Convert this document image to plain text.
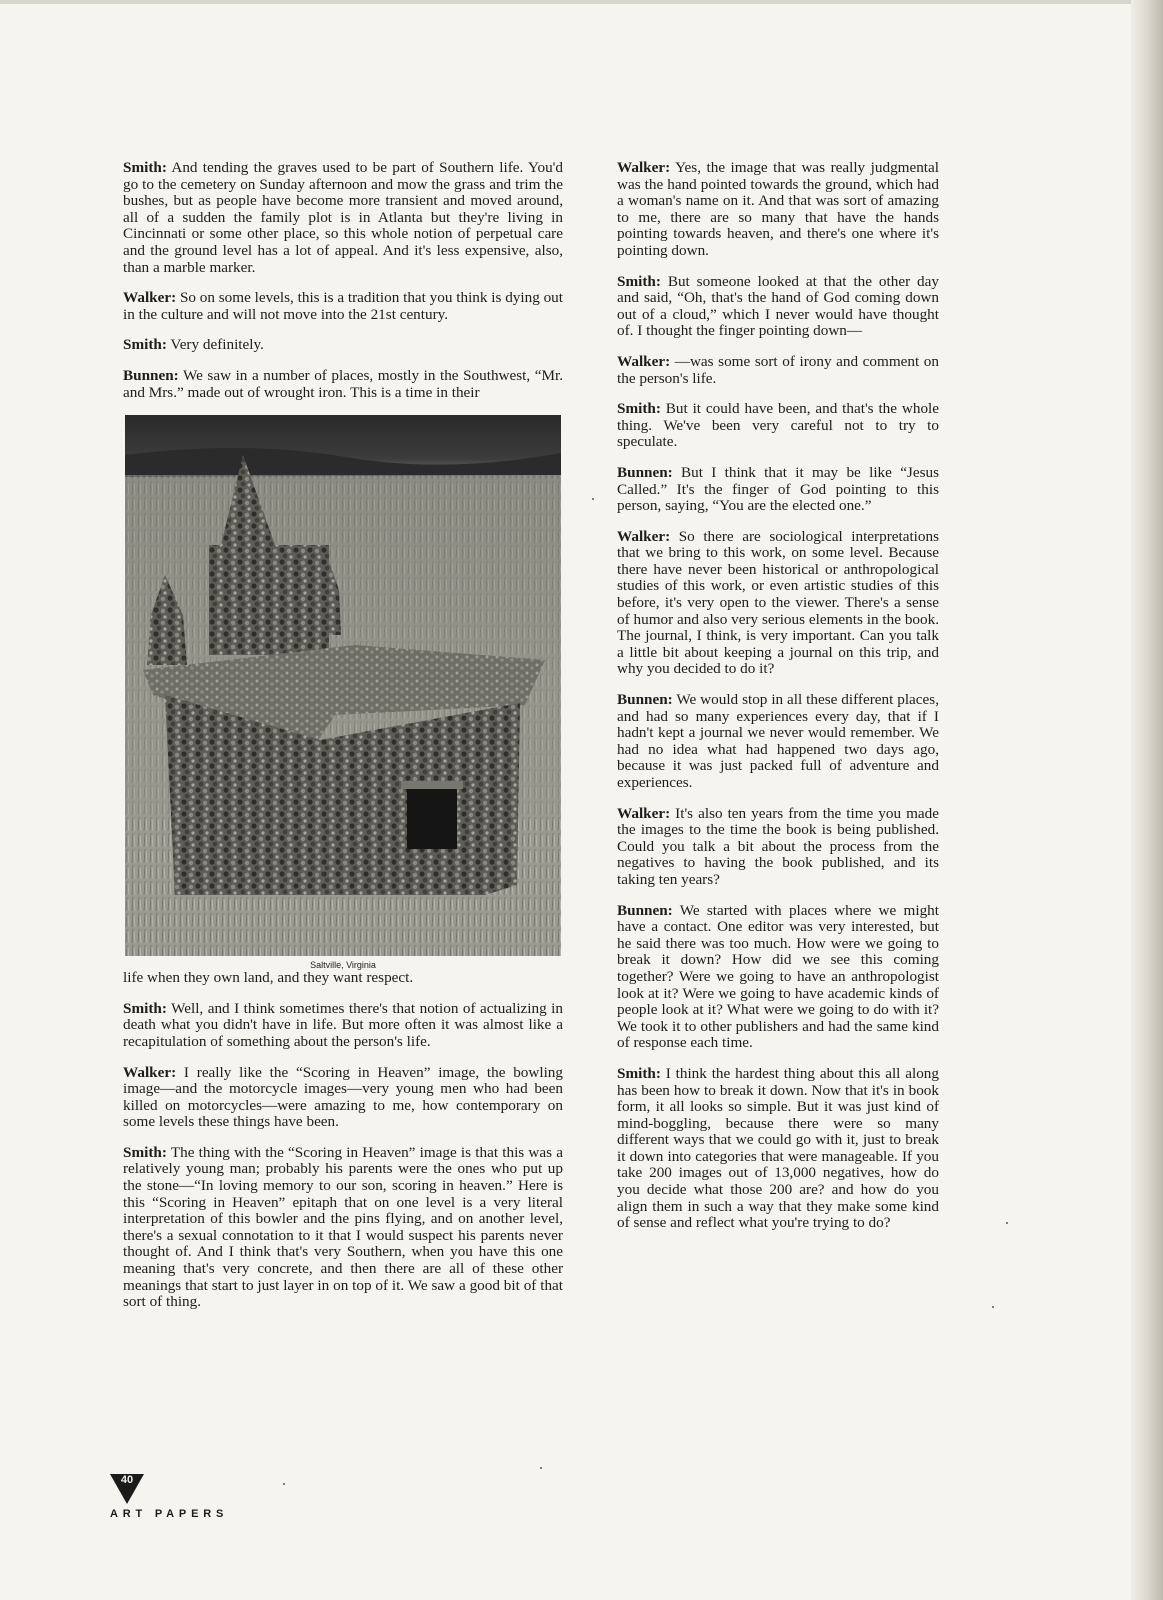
Smith: And tending the graves used to be part of Southern life. You'd go to the cemetery on Sunday afternoon and mow the grass and trim the bushes, but as people have become more transient and moved around, all of a sudden the family plot is in Atlanta but they're living in Cincinnati or some other place, so this whole notion of perpetual care and the ground level has a lot of appeal. And it's less expensive, also, than a marble marker.

Walker: So on some levels, this is a tradition that you think is dying out in the culture and will not move into the 21st century.

Smith: Very definitely.

Bunnen: We saw in a number of places, mostly in the Southwest, “Mr. and Mrs.” made out of wrought iron. This is a time in their

Saltville, Virginia

life when they own land, and they want respect.

Smith: Well, and I think sometimes there's that notion of actualizing in death what you didn't have in life. But more often it was almost like a recapitulation of something about the person's life.

Walker: I really like the “Scoring in Heaven” image, the bowling image—and the motorcycle images—very young men who had been killed on motorcycles—were amazing to me, how contemporary on some levels these things have been.

Smith: The thing with the “Scoring in Heaven” image is that this was a relatively young man; probably his parents were the ones who put up the stone—“In loving memory to our son, scoring in heaven.” Here is this “Scoring in Heaven” epitaph that on one level is a very literal interpretation of this bowler and the pins flying, and on another level, there's a sexual connotation to it that I would suspect his parents never thought of. And I think that's very Southern, when you have this one meaning that's very concrete, and then there are all of these other meanings that start to just layer in on top of it. We saw a good bit of that sort of thing.

Walker: Yes, the image that was really judgmental was the hand pointed towards the ground, which had a woman's name on it. And that was sort of amazing to me, there are so many that have the hands pointing towards heaven, and there's one where it's pointing down.

Smith: But someone looked at that the other day and said, “Oh, that's the hand of God coming down out of a cloud,” which I never would have thought of. I thought the finger pointing down—

Walker: —was some sort of irony and comment on the person's life.

Smith: But it could have been, and that's the whole thing. We've been very careful not to try to speculate.

Bunnen: But I think that it may be like “Jesus Called.” It's the finger of God pointing to this person, saying, “You are the elected one.”

Walker: So there are sociological interpretations that we bring to this work, on some level. Because there have never been historical or anthropological studies of this work, or even artistic studies of this before, it's very open to the viewer. There's a sense of humor and also very serious elements in the book. The journal, I think, is very important. Can you talk a little bit about keeping a journal on this trip, and why you decided to do it?

Bunnen: We would stop in all these different places, and had so many experiences every day, that if I hadn't kept a journal we never would remember. We had no idea what had happened two days ago, because it was just packed full of adventure and experiences.

Walker: It's also ten years from the time you made the images to the time the book is being published. Could you talk a bit about the process from the negatives to having the book published, and its taking ten years?

Bunnen: We started with places where we might have a contact. One editor was very interested, but he said there was too much. How were we going to break it down? How did we see this coming together? Were we going to have an anthropologist look at it? Were we going to have academic kinds of people look at it? What were we going to do with it? We took it to other publishers and had the same kind of response each time.

Smith: I think the hardest thing about this all along has been how to break it down. Now that it's in book form, it all looks so simple. But it was just kind of mind-boggling, because there were so many different ways that we could go with it, just to break it down into categories that were manageable. If you take 200 images out of 13,000 negatives, how do you decide what those 200 are? and how do you align them in such a way that they make some kind of sense and reflect what you're trying to do?

40
ART PAPERS
